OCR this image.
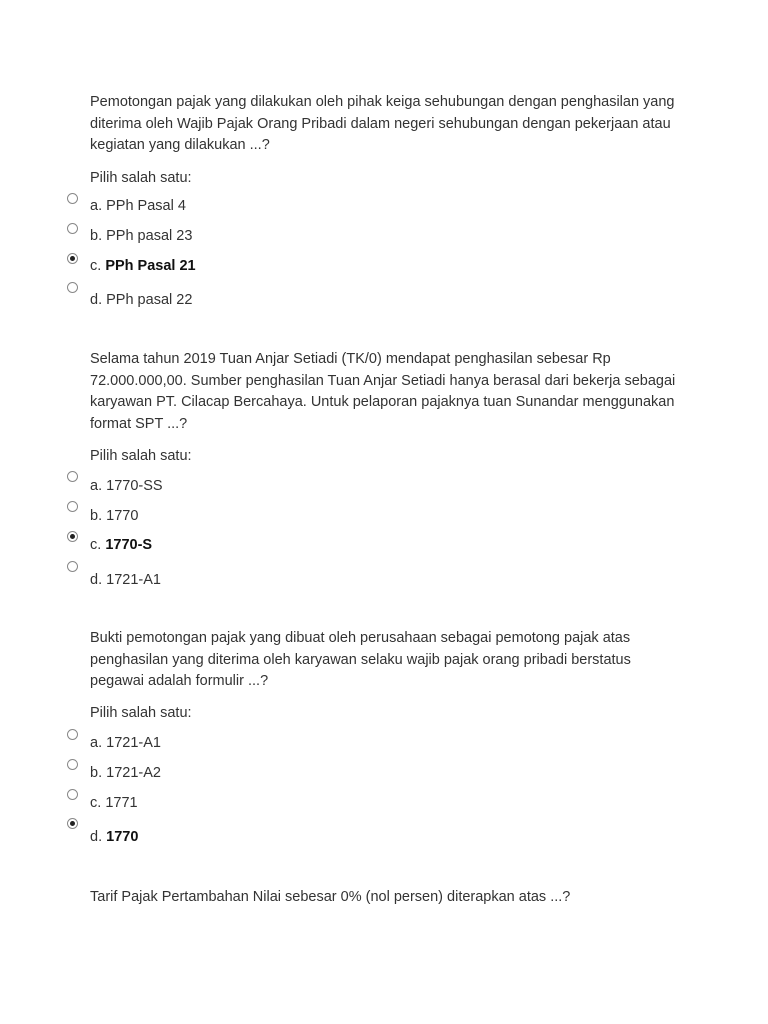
Pemotongan pajak yang dilakukan oleh pihak keiga sehubungan dengan penghasilan yang diterima oleh Wajib Pajak Orang Pribadi dalam negeri sehubungan dengan pekerjaan atau kegiatan yang dilakukan ...?
Pilih salah satu:
a. PPh Pasal 4
b. PPh pasal 23
c. PPh Pasal 21
d. PPh pasal 22
Selama tahun 2019 Tuan Anjar Setiadi (TK/0) mendapat penghasilan sebesar Rp 72.000.000,00. Sumber penghasilan Tuan Anjar Setiadi hanya berasal dari bekerja sebagai karyawan PT. Cilacap Bercahaya. Untuk pelaporan pajaknya tuan Sunandar menggunakan format SPT ...?
Pilih salah satu:
a. 1770-SS
b. 1770
c. 1770-S
d. 1721-A1
Bukti pemotongan pajak yang dibuat oleh perusahaan sebagai pemotong pajak atas penghasilan yang diterima oleh karyawan selaku wajib pajak orang pribadi berstatus pegawai adalah formulir ...?
Pilih salah satu:
a. 1721-A1
b. 1721-A2
c. 1771
d. 1770
Tarif Pajak Pertambahan Nilai sebesar 0% (nol persen) diterapkan atas ...?
